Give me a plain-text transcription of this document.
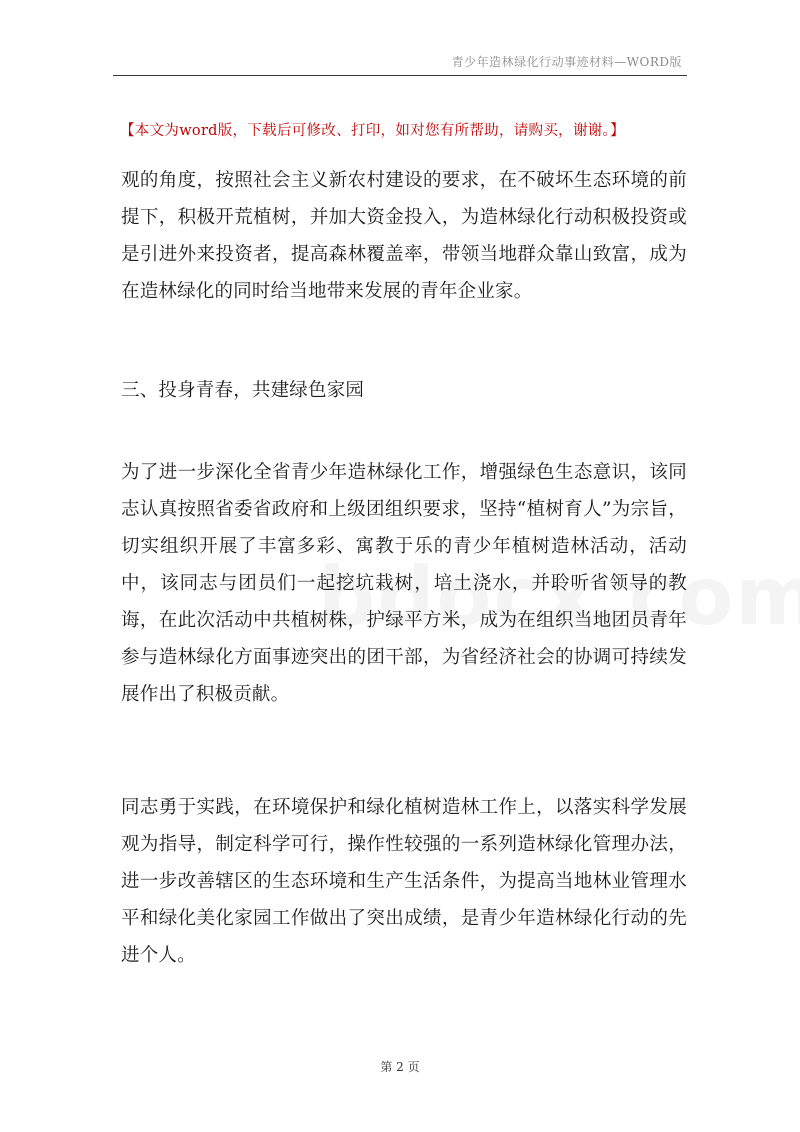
青少年造林绿化行动事迹材料—WORD版
【本文为word版，下载后可修改、打印，如对您有所帮助，请购买，谢谢。】

观的角度，按照社会主义新农村建设的要求，在不破坏生态环境的前提下，积极开荒植树，并加大资金投入，为造林绿化行动积极投资或是引进外来投资者，提高森林覆盖率，带领当地群众靠山致富，成为在造林绿化的同时给当地带来发展的青年企业家。

三、投身青春，共建绿色家园

为了进一步深化全省青少年造林绿化工作，增强绿色生态意识，该同志认真按照省委省政府和上级团组织要求，坚持“植树育人”为宗旨，切实组织开展了丰富多彩、寓教于乐的青少年植树造林活动，活动中，该同志与团员们一起挖坑栽树，培土浇水，并聆听省领导的教诲，在此次活动中共植树株，护绿平方米，成为在组织当地团员青年参与造林绿化方面事迹突出的团干部，为省经济社会的协调可持续发展作出了积极贡献。

同志勇于实践，在环境保护和绿化植树造林工作上，以落实科学发展观为指导，制定科学可行，操作性较强的一系列造林绿化管理办法，进一步改善辖区的生态环境和生产生活条件，为提高当地林业管理水平和绿化美化家园工作做出了突出成绩，是青少年造林绿化行动的先进个人。

第 2 页
